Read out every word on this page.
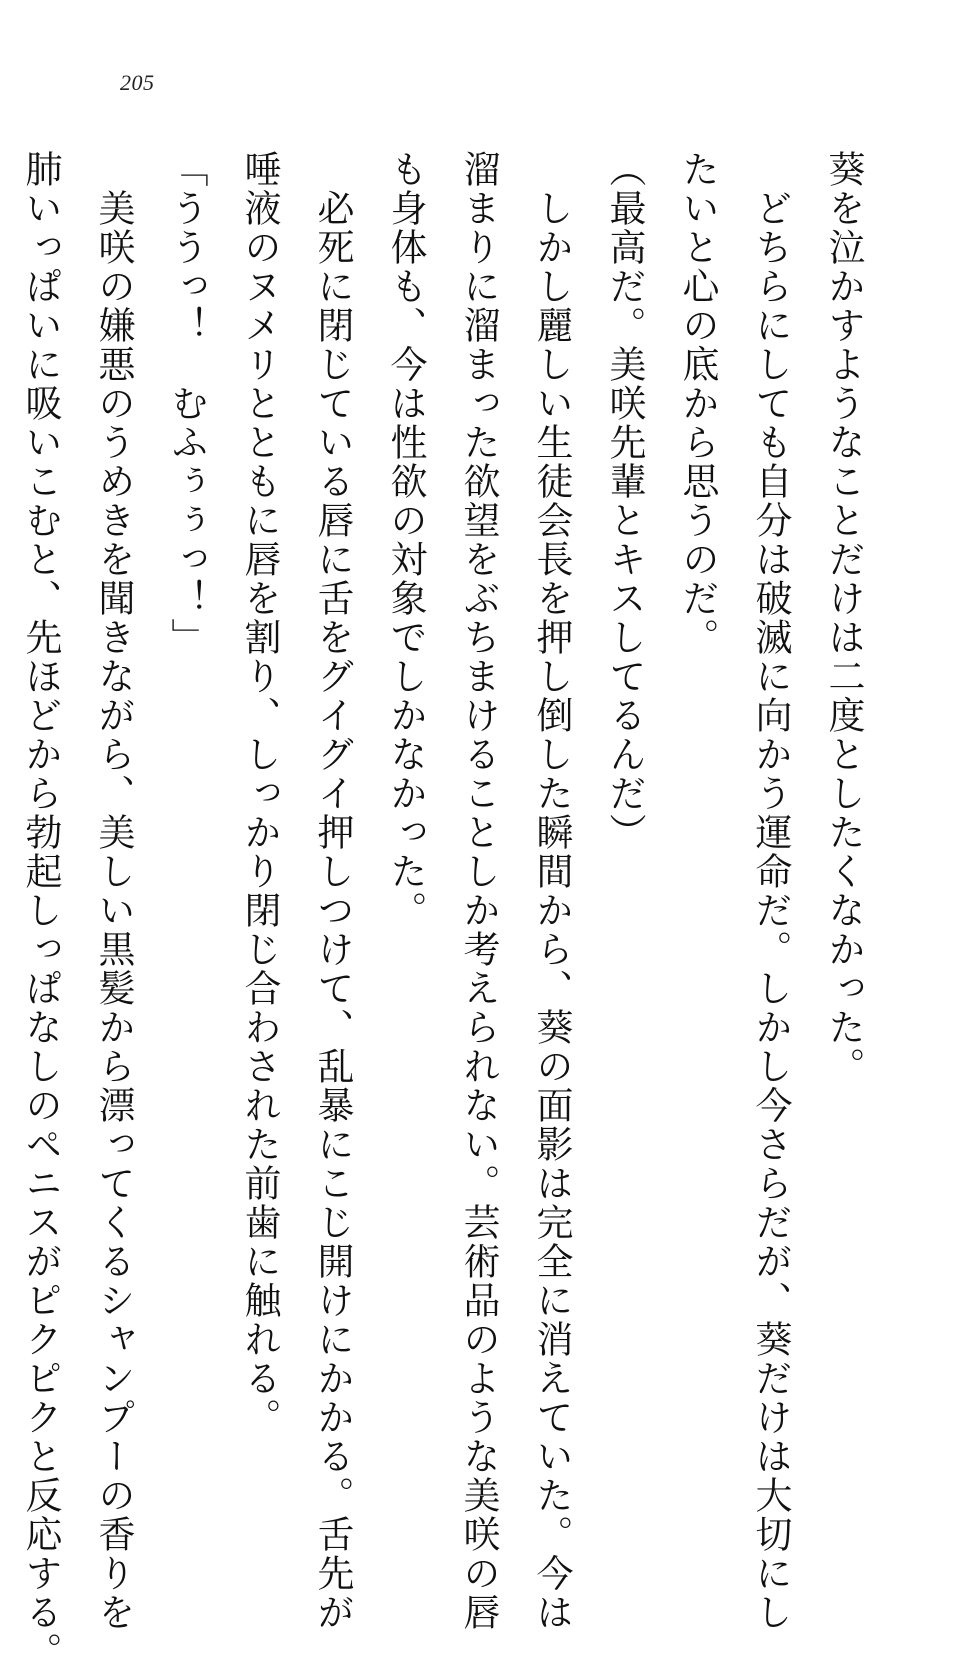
205
葵を泣かすようなことだけは二度としたくなかった。
　どちらにしても自分は破滅に向かう運命だ。しかし今さらだが、葵だけは大切にし
たいと心の底から思うのだ。
（最高だ。美咲先輩とキスしてるんだ）
　しかし麗しい生徒会長を押し倒した瞬間から、葵の面影は完全に消えていた。今は
溜まりに溜まった欲望をぶちまけることしか考えられない。芸術品のような美咲の唇
も身体も、今は性欲の対象でしかなかった。
　必死に閉じている唇に舌をグイグイ押しつけて、乱暴にこじ開けにかかる。舌先が
唾液のヌメリとともに唇を割り、しっかり閉じ合わされた前歯に触れる。
「ううっ！　むふぅぅっ！」
　美咲の嫌悪のうめきを聞きながら、美しい黒髪から漂ってくるシャンプーの香りを
肺いっぱいに吸いこむと、先ほどから勃起しっぱなしのペニスがピクピクと反応する。
